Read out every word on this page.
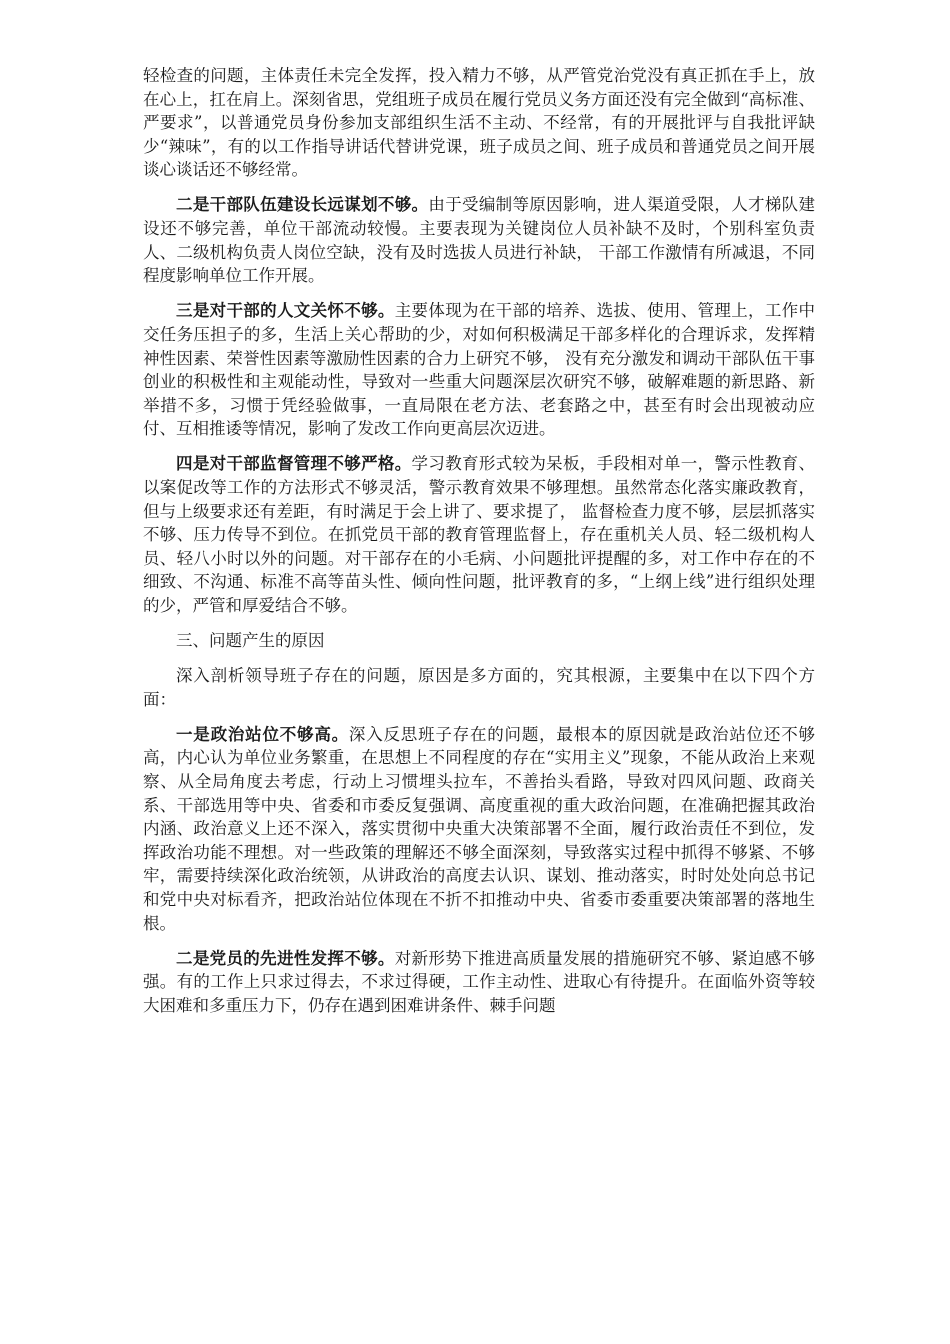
轻检查的问题，主体责任未完全发挥，投入精力不够，从严管党治党没有真正抓在手上，放在心上，扛在肩上。深刻省思，党组班子成员在履行党员义务方面还没有完全做到“高标准、严要求”，以普通党员身份参加支部组织生活不主动、不经常，有的开展批评与自我批评缺少“辣味”，有的以工作指导讲话代替讲党课，班子成员之间、班子成员和普通党员之间开展谈心谈话还不够经常。

二是干部队伍建设长远谋划不够。由于受编制等原因影响，进人渠道受限，人才梯队建设还不够完善，单位干部流动较慢。主要表现为关键岗位人员补缺不及时，个别科室负责人、二级机构负责人岗位空缺，没有及时选拔人员进行补缺， 干部工作激情有所减退，不同程度影响单位工作开展。

三是对干部的人文关怀不够。主要体现为在干部的培养、选拔、使用、管理上，工作中交任务压担子的多，生活上关心帮助的少，对如何积极满足干部多样化的合理诉求，发挥精神性因素、荣誉性因素等激励性因素的合力上研究不够， 没有充分激发和调动干部队伍干事创业的积极性和主观能动性，导致对一些重大问题深层次研究不够，破解难题的新思路、新举措不多，习惯于凭经验做事，一直局限在老方法、老套路之中，甚至有时会出现被动应付、互相推诿等情况，影响了发改工作向更高层次迈进。

四是对干部监督管理不够严格。学习教育形式较为呆板，手段相对单一，警示性教育、以案促改等工作的方法形式不够灵活，警示教育效果不够理想。虽然常态化落实廉政教育，但与上级要求还有差距，有时满足于会上讲了、要求提了， 监督检查力度不够，层层抓落实不够、压力传导不到位。在抓党员干部的教育管理监督上，存在重机关人员、轻二级机构人员、轻八小时以外的问题。对干部存在的小毛病、小问题批评提醒的多，对工作中存在的不细致、不沟通、标准不高等苗头性、倾向性问题，批评教育的多，“上纲上线”进行组织处理的少，严管和厚爱结合不够。

三、问题产生的原因

深入剖析领导班子存在的问题，原因是多方面的，究其根源，主要集中在以下四个方面：

一是政治站位不够高。深入反思班子存在的问题，最根本的原因就是政治站位还不够高，内心认为单位业务繁重，在思想上不同程度的存在“实用主义”现象，不能从政治上来观察、从全局角度去考虑，行动上习惯埋头拉车，不善抬头看路，导致对四风问题、政商关系、干部选用等中央、省委和市委反复强调、高度重视的重大政治问题，在准确把握其政治内涵、政治意义上还不深入，落实贯彻中央重大决策部署不全面，履行政治责任不到位，发挥政治功能不理想。对一些政策的理解还不够全面深刻，导致落实过程中抓得不够紧、不够牢，需要持续深化政治统领，从讲政治的高度去认识、谋划、推动落实，时时处处向总书记和党中央对标看齐，把政治站位体现在不折不扣推动中央、省委市委重要决策部署的落地生根。

二是党员的先进性发挥不够。对新形势下推进高质量发展的措施研究不够、紧迫感不够强。有的工作上只求过得去，不求过得硬，工作主动性、进取心有待提升。在面临外资等较大困难和多重压力下，仍存在遇到困难讲条件、棘手问题
